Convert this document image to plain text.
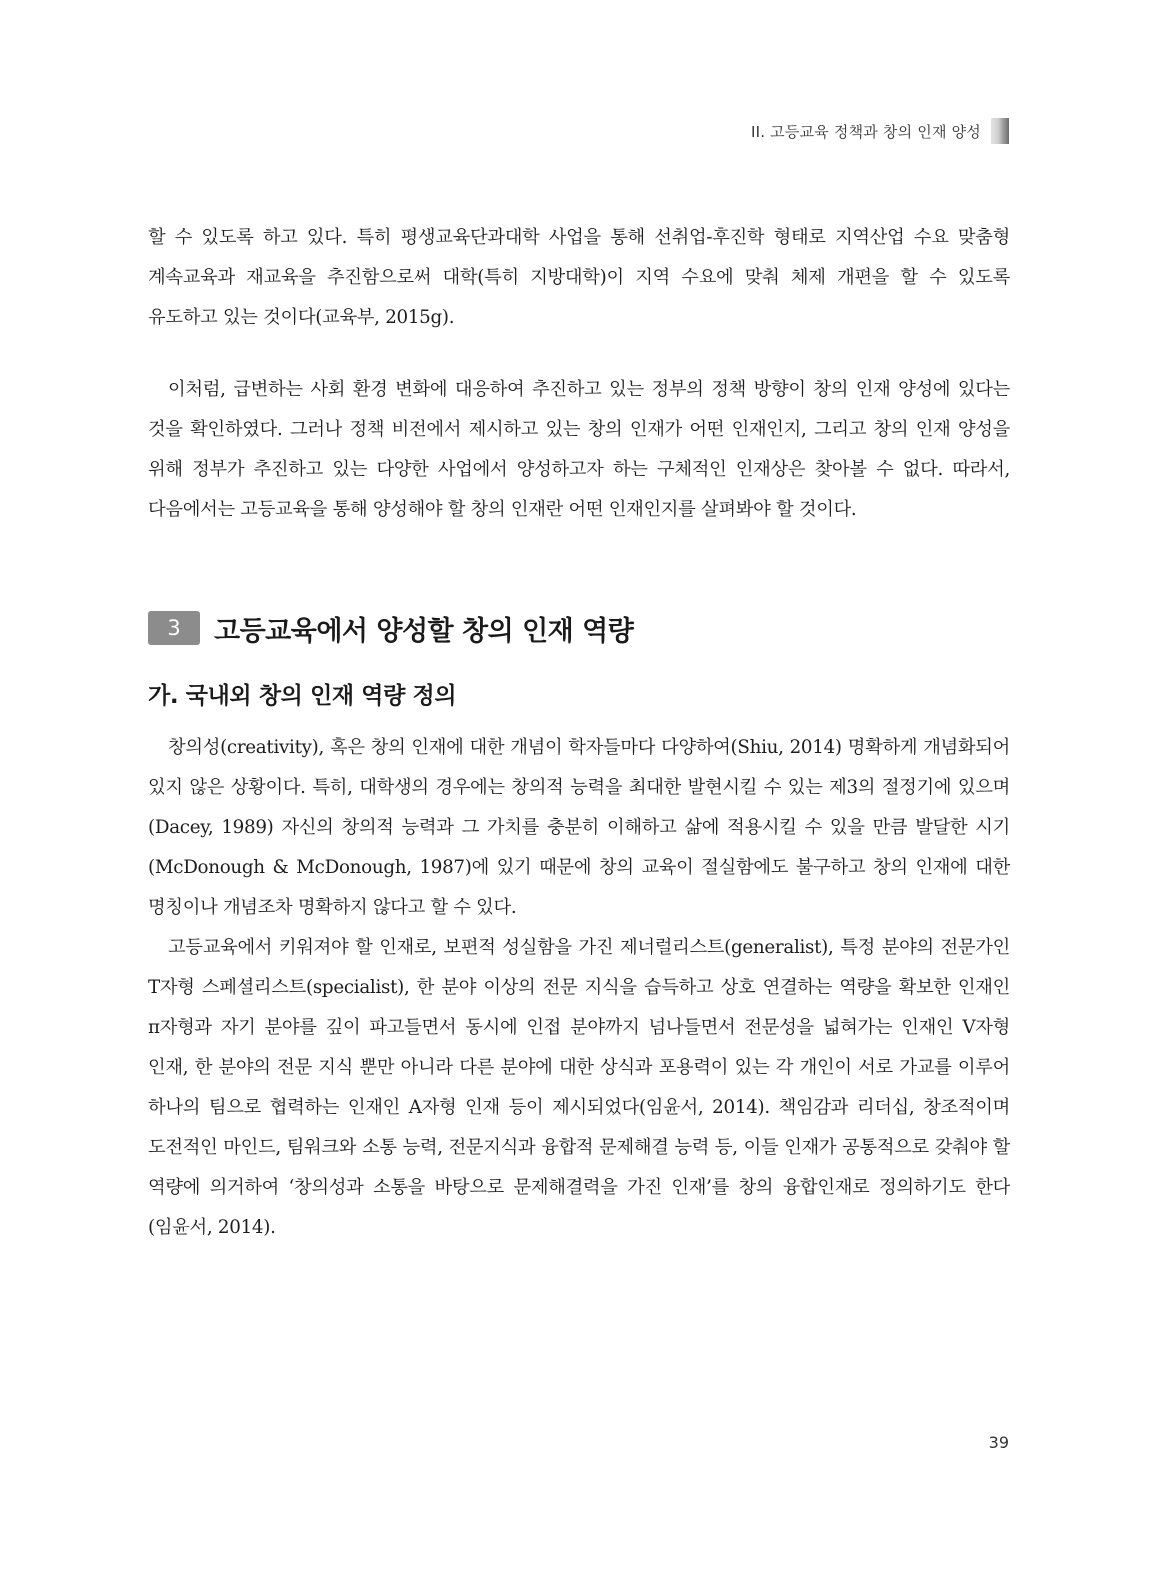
II. 고등교육 정책과 창의 인재 양성

할 수 있도록 하고 있다. 특히 평생교육단과대학 사업을 통해 선취업-후진학 형태로 지역산업 수요 맞춤형 계속교육과 재교육을 추진함으로써 대학(특히 지방대학)이 지역 수요에 맞춰 체제 개편을 할 수 있도록 유도하고 있는 것이다(교육부, 2015g).

이처럼, 급변하는 사회 환경 변화에 대응하여 추진하고 있는 정부의 정책 방향이 창의 인재 양성에 있다는 것을 확인하였다. 그러나 정책 비전에서 제시하고 있는 창의 인재가 어떤 인재인지, 그리고 창의 인재 양성을 위해 정부가 추진하고 있는 다양한 사업에서 양성하고자 하는 구체적인 인재상은 찾아볼 수 없다. 따라서, 다음에서는 고등교육을 통해 양성해야 할 창의 인재란 어떤 인재인지를 살펴봐야 할 것이다.

3	고등교육에서 양성할 창의 인재 역량
가. 국내외 창의 인재 역량 정의

창의성(creativity), 혹은 창의 인재에 대한 개념이 학자들마다 다양하여(Shiu, 2014) 명확하게 개념화되어 있지 않은 상황이다. 특히, 대학생의 경우에는 창의적 능력을 최대한 발현시킬 수 있는 제3의 절정기에 있으며(Dacey, 1989) 자신의 창의적 능력과 그 가치를 충분히 이해하고 삶에 적용시킬 수 있을 만큼 발달한 시기(McDonough & McDonough, 1987)에 있기 때문에 창의 교육이 절실함에도 불구하고 창의 인재에 대한 명칭이나 개념조차 명확하지 않다고 할 수 있다.

고등교육에서 키워져야 할 인재로, 보편적 성실함을 가진 제너럴리스트(generalist), 특정 분야의 전문가인 T자형 스페셜리스트(specialist), 한 분야 이상의 전문 지식을 습득하고 상호 연결하는 역량을 확보한 인재인 π자형과 자기 분야를 깊이 파고들면서 동시에 인접 분야까지 넘나들면서 전문성을 넓혀가는 인재인 V자형 인재, 한 분야의 전문 지식 뿐만 아니라 다른 분야에 대한 상식과 포용력이 있는 각 개인이 서로 가교를 이루어 하나의 팀으로 협력하는 인재인 A자형 인재 등이 제시되었다(임윤서, 2014). 책임감과 리더십, 창조적이며 도전적인 마인드, 팀워크와 소통 능력, 전문지식과 융합적 문제해결 능력 등, 이들 인재가 공통적으로 갖춰야 할 역량에 의거하여 ‘창의성과 소통을 바탕으로 문제해결력을 가진 인재’를 창의 융합인재로 정의하기도 한다(임윤서, 2014).

39
